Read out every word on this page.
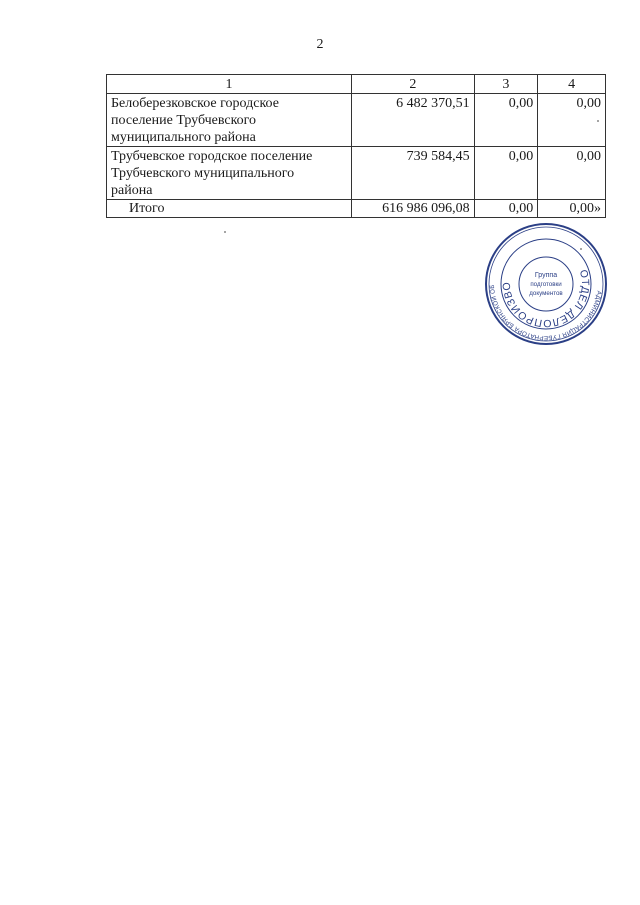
2
1	2	3	4

Белоберезковское городское
поселение Трубчевского
муниципального района	6 482 370,51	0,00	0,00

Трубчевское городское поселение
Трубчевского муниципального
района	739 584,45	0,00	0,00
Итого	616 986 096,08	0,00	0,00»
АДМИНИСТРАЦИЯ ГУБЕРНАТОРА БРЯНСКОЙ ОБ
ОТДЕЛ ДЕЛОПРОИЗВО
Группа
подготовки
документов
